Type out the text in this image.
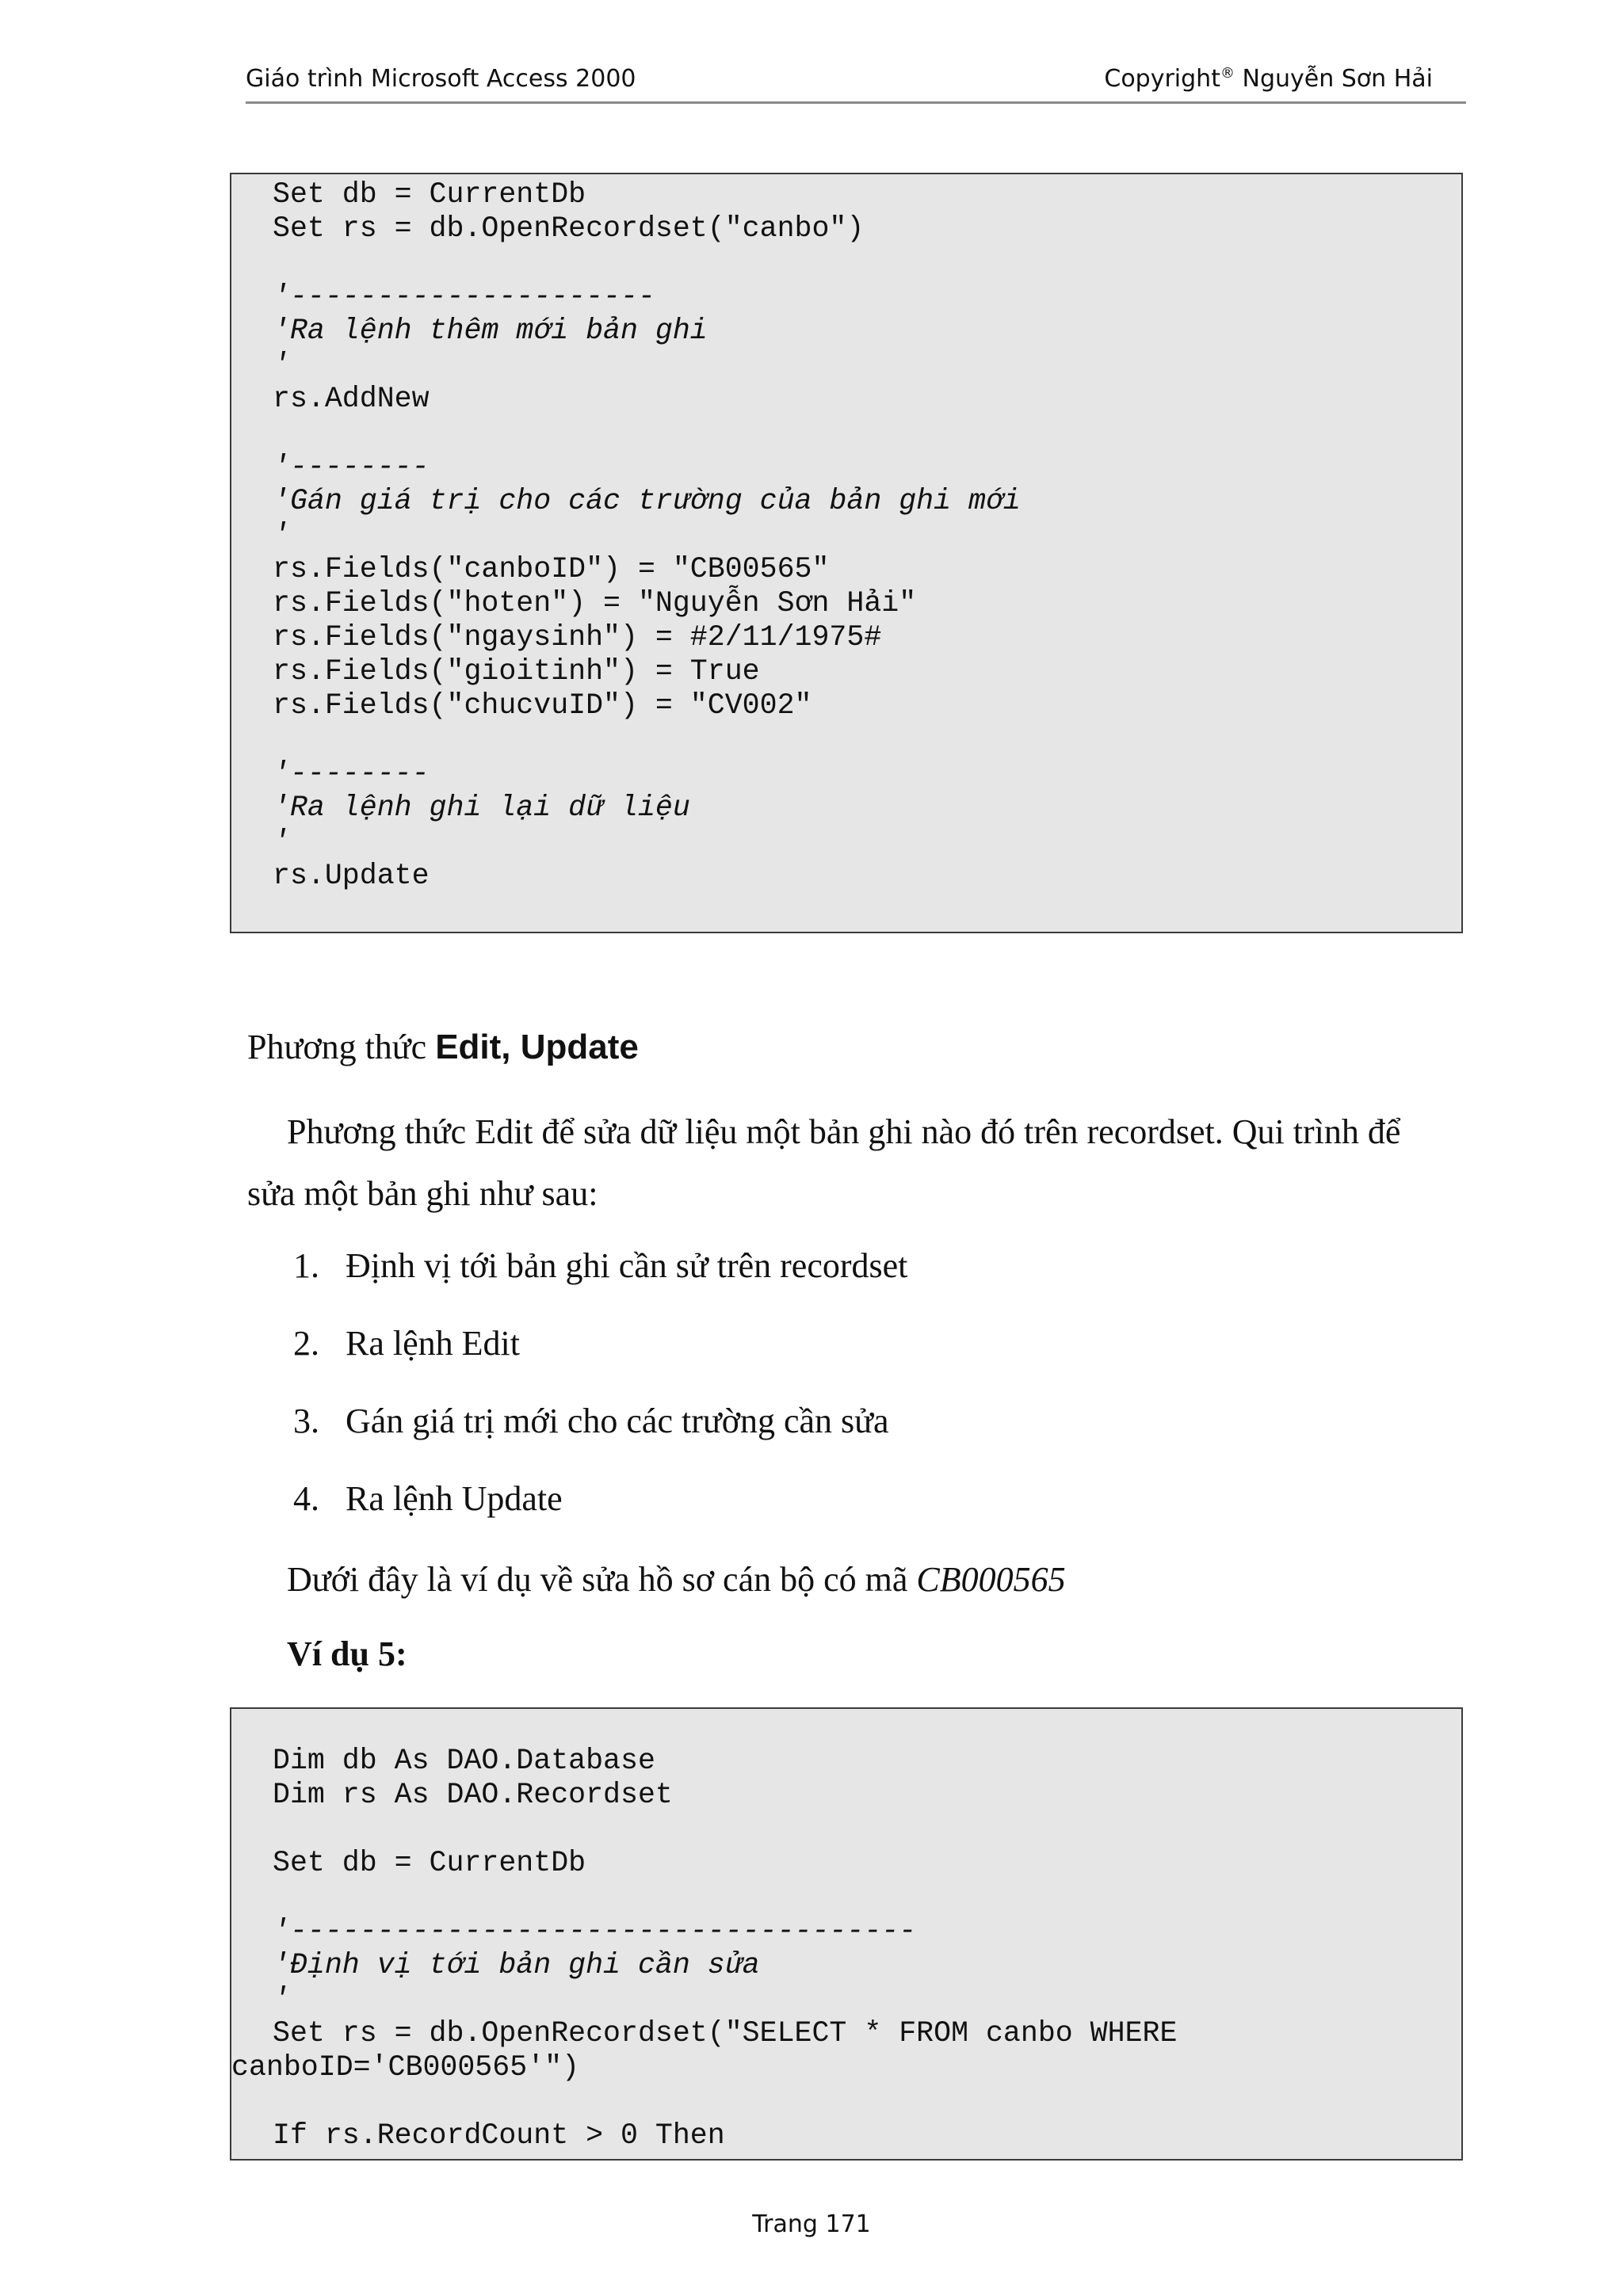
Giáo trình Microsoft Access 2000	Copyright® Nguyễn Sơn Hải
Set db = CurrentDb
Set rs = db.OpenRecordset("canbo")
'---------------------
'Ra lệnh thêm mới bản ghi
'
rs.AddNew
'--------
'Gán giá trị cho các trường của bản ghi mới
'
rs.Fields("canboID") = "CB00565"
rs.Fields("hoten") = "Nguyễn Sơn Hải"
rs.Fields("ngaysinh") = #2/11/1975#
rs.Fields("gioitinh") = True
rs.Fields("chucvuID") = "CV002"
'--------
'Ra lệnh ghi lại dữ liệu
'
rs.Update
Phương thức Edit, Update
Phương thức Edit để sửa dữ liệu một bản ghi nào đó trên recordset. Qui trình để
sửa một bản ghi như sau:
1. Định vị tới bản ghi cần sử trên recordset
2. Ra lệnh Edit
3. Gán giá trị mới cho các trường cần sửa
4. Ra lệnh Update
Dưới đây là ví dụ về sửa hồ sơ cán bộ có mã CB000565
Ví dụ 5:
Dim db As DAO.Database
Dim rs As DAO.Recordset
Set db = CurrentDb
'------------------------------------
'Định vị tới bản ghi cần sửa
'
Set rs = db.OpenRecordset("SELECT * FROM canbo WHERE
canboID='CB000565'")
If rs.RecordCount > 0 Then
Trang 171
